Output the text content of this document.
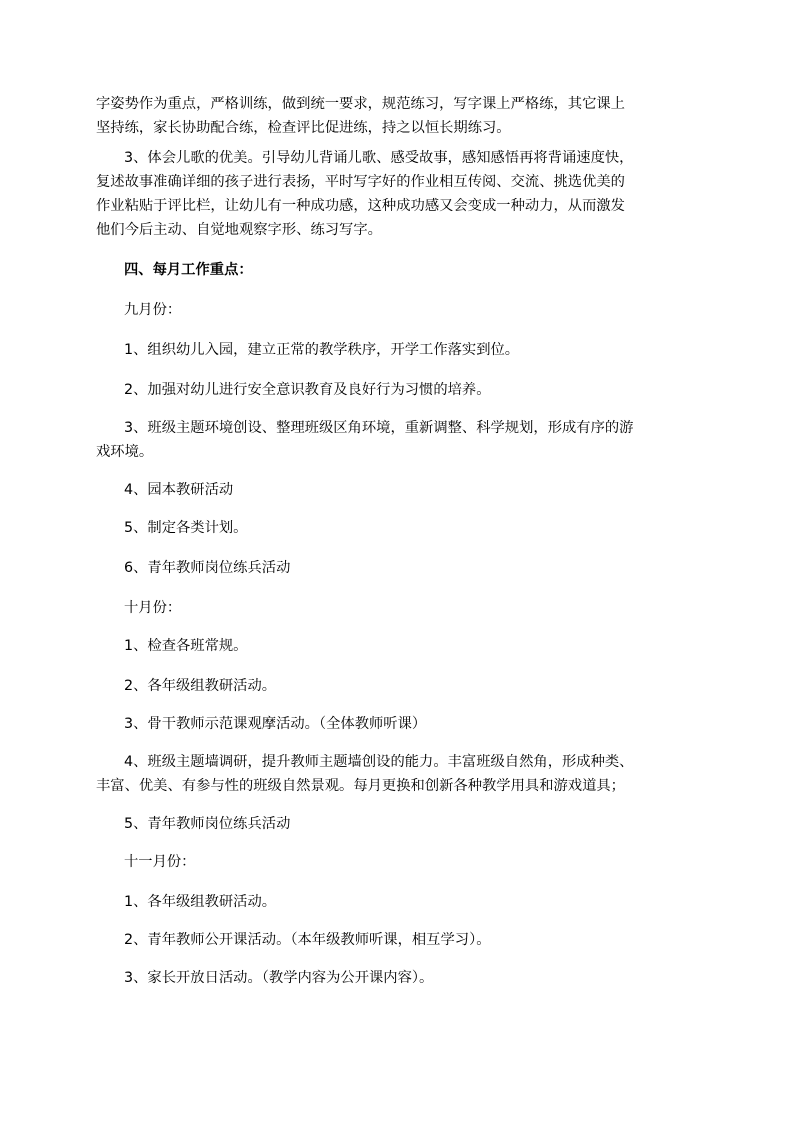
字姿势作为重点，严格训练，做到统一要求，规范练习，写字课上严格练，其它课上

坚持练，家长协助配合练，检查评比促进练，持之以恒长期练习。

3、体会儿歌的优美。引导幼儿背诵儿歌、感受故事，感知感悟再将背诵速度快，

复述故事准确详细的孩子进行表扬，平时写字好的作业相互传阅、交流、挑选优美的

作业粘贴于评比栏，让幼儿有一种成功感，这种成功感又会变成一种动力，从而激发

他们今后主动、自觉地观察字形、练习写字。

四、每月工作重点：

九月份：

1、组织幼儿入园，建立正常的教学秩序，开学工作落实到位。

2、加强对幼儿进行安全意识教育及良好行为习惯的培养。

3、班级主题环境创设、整理班级区角环境，重新调整、科学规划，形成有序的游

戏环境。

4、园本教研活动

5、制定各类计划。

6、青年教师岗位练兵活动

十月份：

1、检查各班常规。

2、各年级组教研活动。

3、骨干教师示范课观摩活动。（全体教师听课）

4、班级主题墙调研，提升教师主题墙创设的能力。丰富班级自然角，形成种类、

丰富、优美、有参与性的班级自然景观。每月更换和创新各种教学用具和游戏道具；

5、青年教师岗位练兵活动

十一月份：

1、各年级组教研活动。

2、青年教师公开课活动。（本年级教师听课，相互学习）。

3、家长开放日活动。（教学内容为公开课内容）。
